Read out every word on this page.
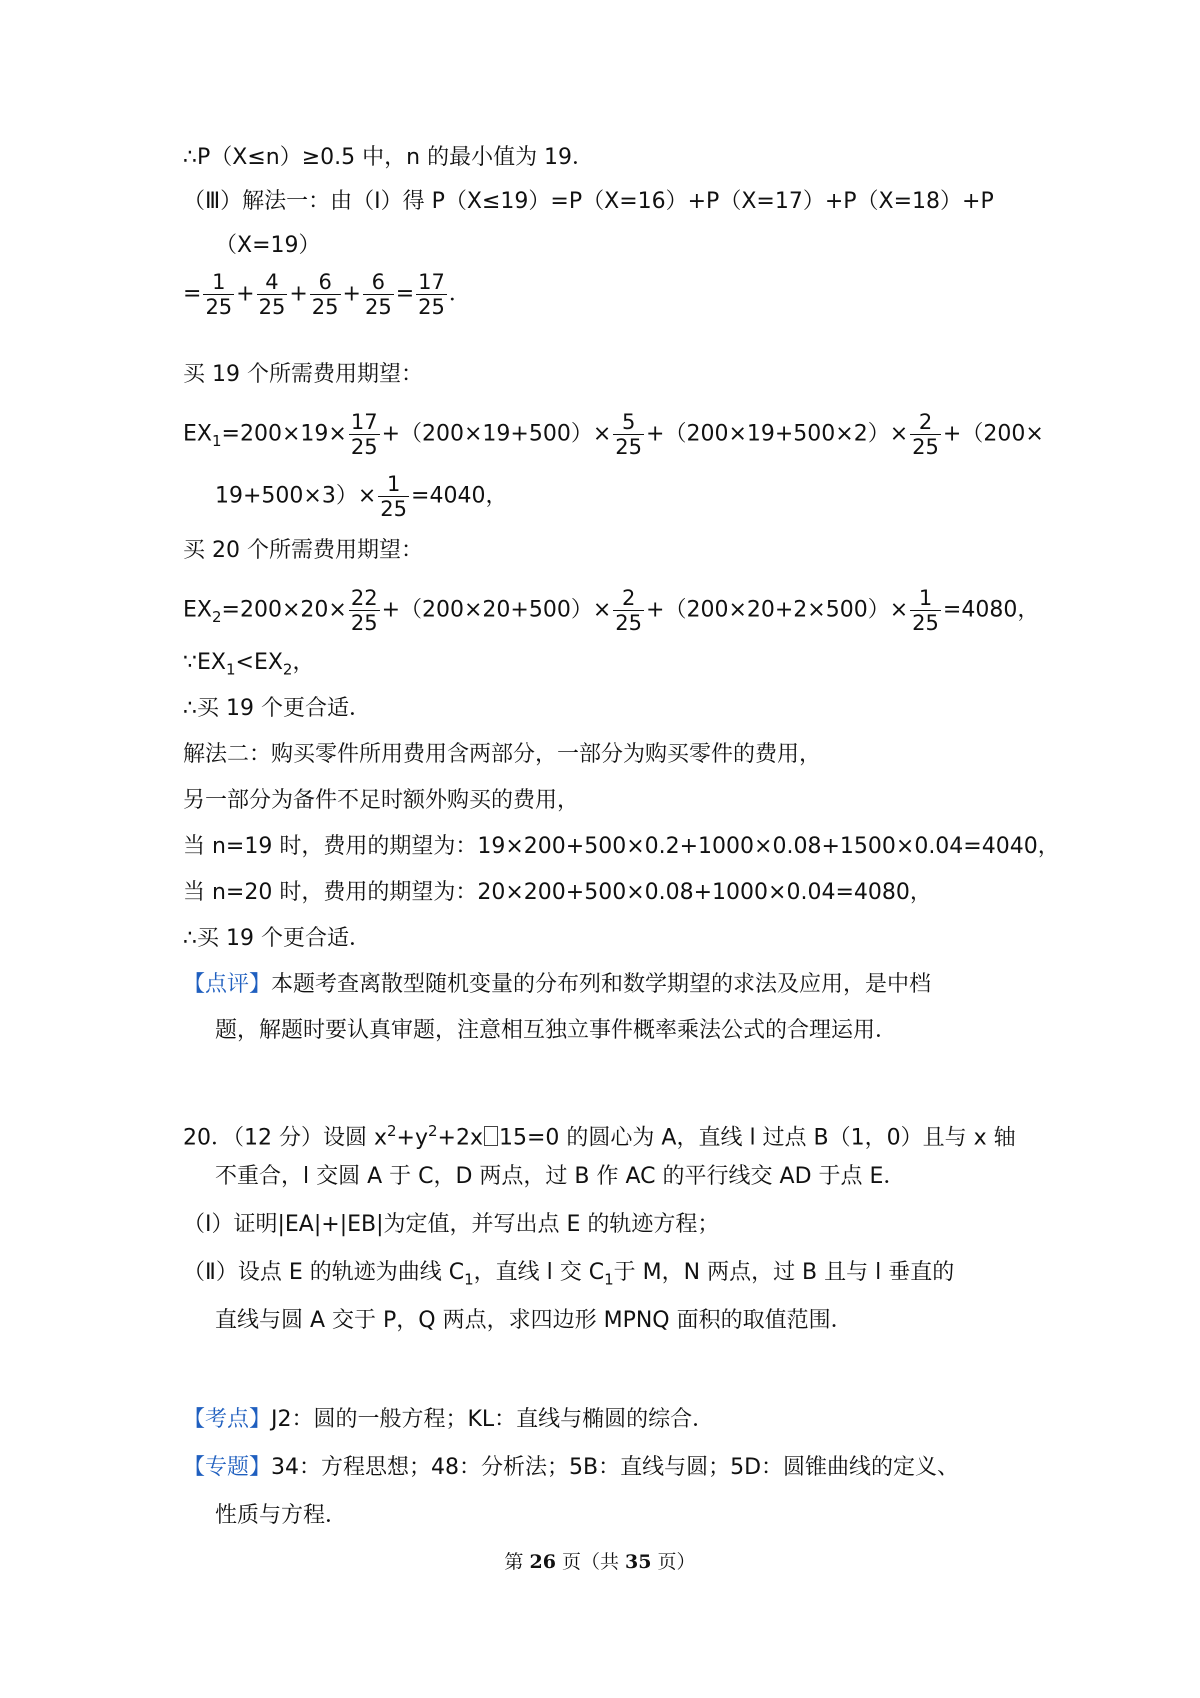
∴P（X≤n）≥0.5 中，n 的最小值为 19．
（Ⅲ）解法一：由（Ⅰ）得 P（X≤19）=P（X=16）+P（X=17）+P（X=18）+P
（X=19）
= $\frac{1}{25} + \frac{4}{25} + \frac{6}{25} + \frac{6}{25} = \frac{17}{25}$ ．
买 19 个所需费用期望：
$EX_1=200\times 19\times \frac{17}{25} +(200\times 19+500)\times \frac{5}{25} +(200\times 19+500\times 2)\times \frac{2}{25} +(200\times$
$19+500\times 3)\times \frac{1}{25} =4040$，
买 20 个所需费用期望：
$EX_2=200\times 20\times \frac{22}{25} +(200\times 20+500)\times \frac{2}{25} +(200\times 20+2\times 500)\times \frac{1}{25} =4080$，
$\because EX_1<EX_2$，
∴买 19 个更合适．
解法二：购买零件所用费用含两部分，一部分为购买零件的费用，
另一部分为备件不足时额外购买的费用，
当 n=19 时，费用的期望为：19×200+500×0.2+1000×0.08+1500×0.04=4040，
当 n=20 时，费用的期望为：20×200+500×0.08+1000×0.04=4080，
∴买 19 个更合适．
【点评】本题考查离散型随机变量的分布列和数学期望的求法及应用，是中档
题，解题时要认真审题，注意相互独立事件概率乘法公式的合理运用．
20．（12 分）设圆 $x^2+y^2+2x$ 15=0 的圆心为 A，直线 l 过点 B（1，0）且与 x 轴
不重合，l 交圆 A 于 C，D 两点，过 B 作 AC 的平行线交 AD 于点 E．
（Ⅰ）证明|EA|+|EB|为定值，并写出点 E 的轨迹方程；
（Ⅱ）设点 E 的轨迹为曲线 $C_1$，直线 l 交 $C_1$于 M，N 两点，过 B 且与 l 垂直的
直线与圆 A 交于 P，Q 两点，求四边形 MPNQ 面积的取值范围．
【考点】J2：圆的一般方程；KL：直线与椭圆的综合．
【专题】34：方程思想；48：分析法；5B：直线与圆；5D：圆锥曲线的定义、
性质与方程．
第 26 页（共 35 页）
